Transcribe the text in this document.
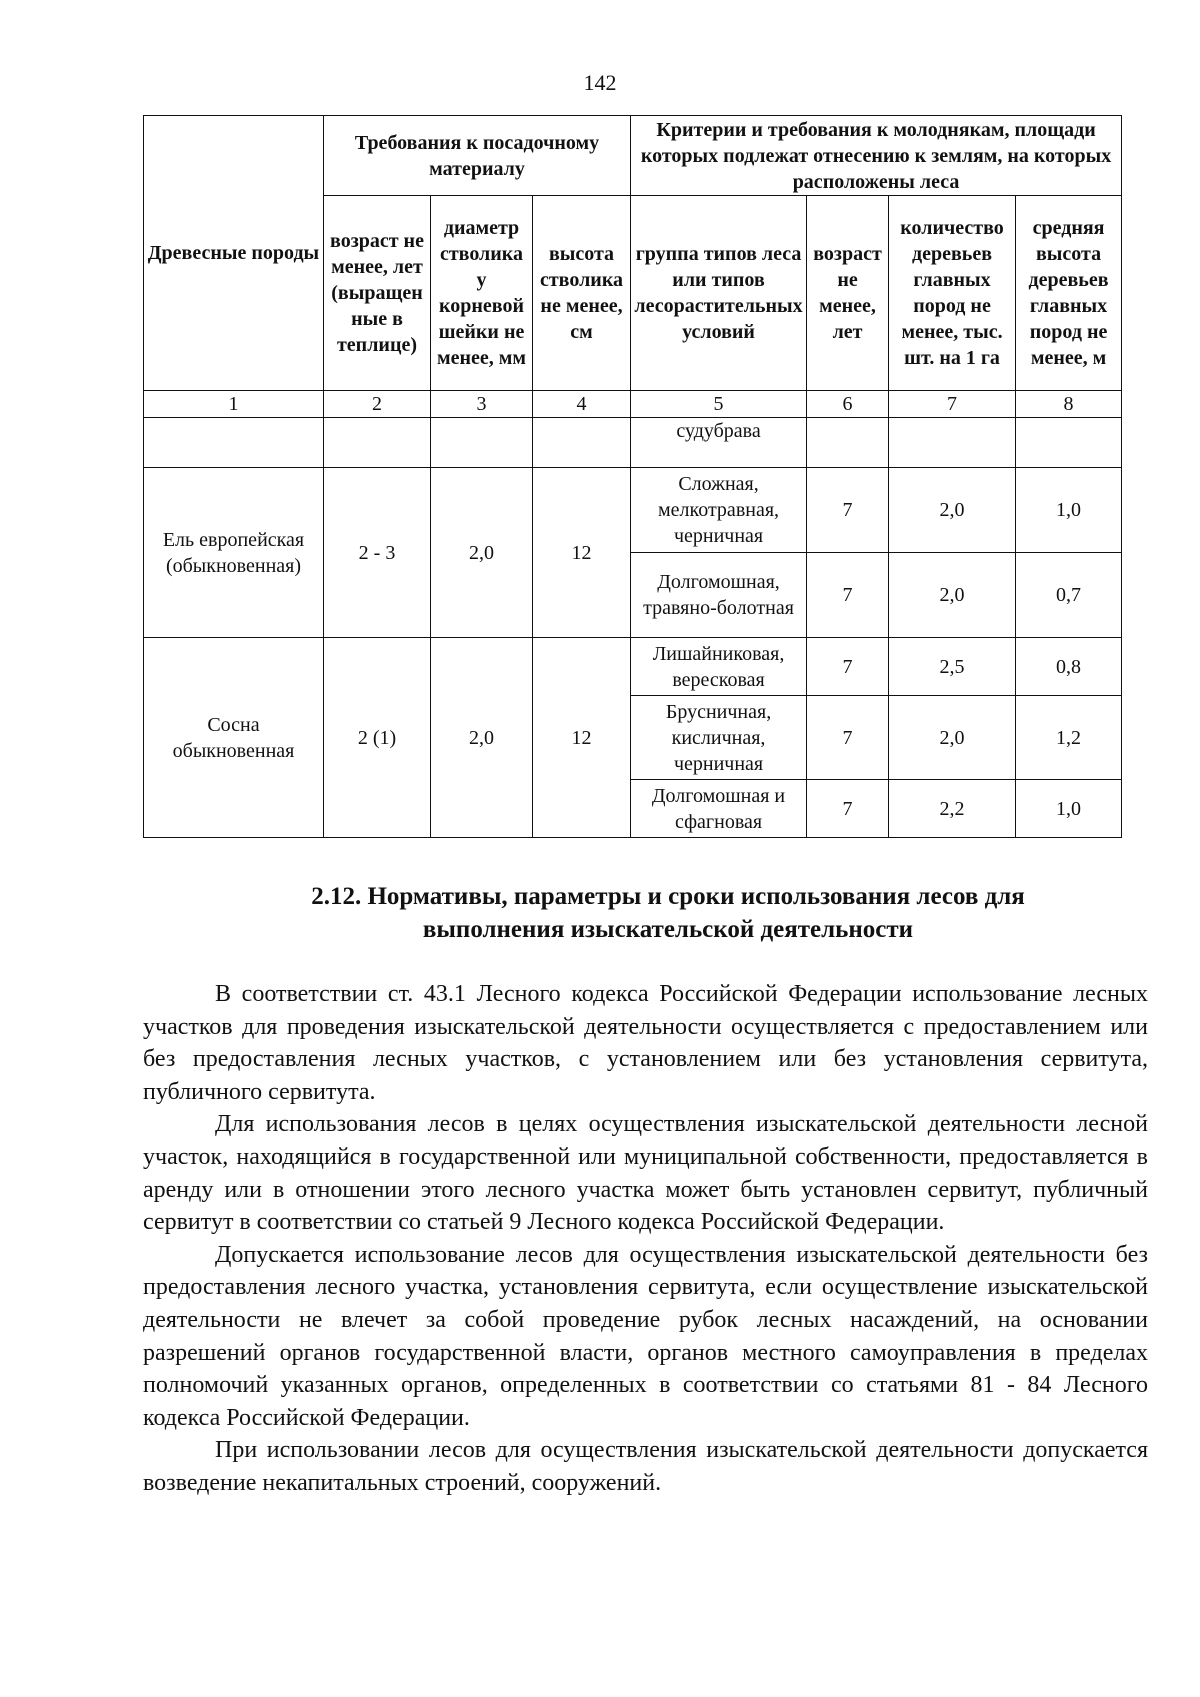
142
Древесные породы	Требования к посадочному материалу			Критерии и требования к молоднякам, площади которых подлежат отнесению к землям, на которых расположены леса			
	возраст не менее, лет (выращенные в теплице)	диаметр стволика у корневой шейки не менее, мм	высота стволика не менее, см	группа типов леса или типов лесорастительных условий	возраст не менее, лет	количество деревьев главных пород не менее, тыс. шт. на 1 га	средняя высота деревьев главных пород не менее, м
1	2	3	4	5	6	7	8
				судубрава			
Ель европейская (обыкновенная)	2 - 3	2,0	12	Сложная, мелкотравная, черничная	7	2,0	1,0
				Долгомошная, травяно-болотная	7	2,0	0,7
Сосна обыкновенная	2 (1)	2,0	12	Лишайниковая, вересковая	7	2,5	0,8
				Брусничная, кисличная, черничная	7	2,0	1,2
				Долгомошная и сфагновая	7	2,2	1,0
2.12. Нормативы, параметры и сроки использования лесов для
выполнения изыскательской деятельности

В соответствии ст. 43.1 Лесного кодекса Российской Федерации использование лесных участков для проведения изыскательской деятельности осуществляется с предоставлением или без предоставления лесных участков, с установлением или без установления сервитута, публичного сервитута.

Для использования лесов в целях осуществления изыскательской деятельности лесной участок, находящийся в государственной или муниципальной собственности, предоставляется в аренду или в отношении этого лесного участка может быть установлен сервитут, публичный сервитут в соответствии со статьей 9 Лесного кодекса Российской Федерации.

Допускается использование лесов для осуществления изыскательской деятельности без предоставления лесного участка, установления сервитута, если осуществление изыскательской деятельности не влечет за собой проведение рубок лесных насаждений, на основании разрешений органов государственной власти, органов местного самоуправления в пределах полномочий указанных органов, определенных в соответствии со статьями 81 - 84 Лесного кодекса Российской Федерации.

При использовании лесов для осуществления изыскательской деятельности допускается возведение некапитальных строений, сооружений.
